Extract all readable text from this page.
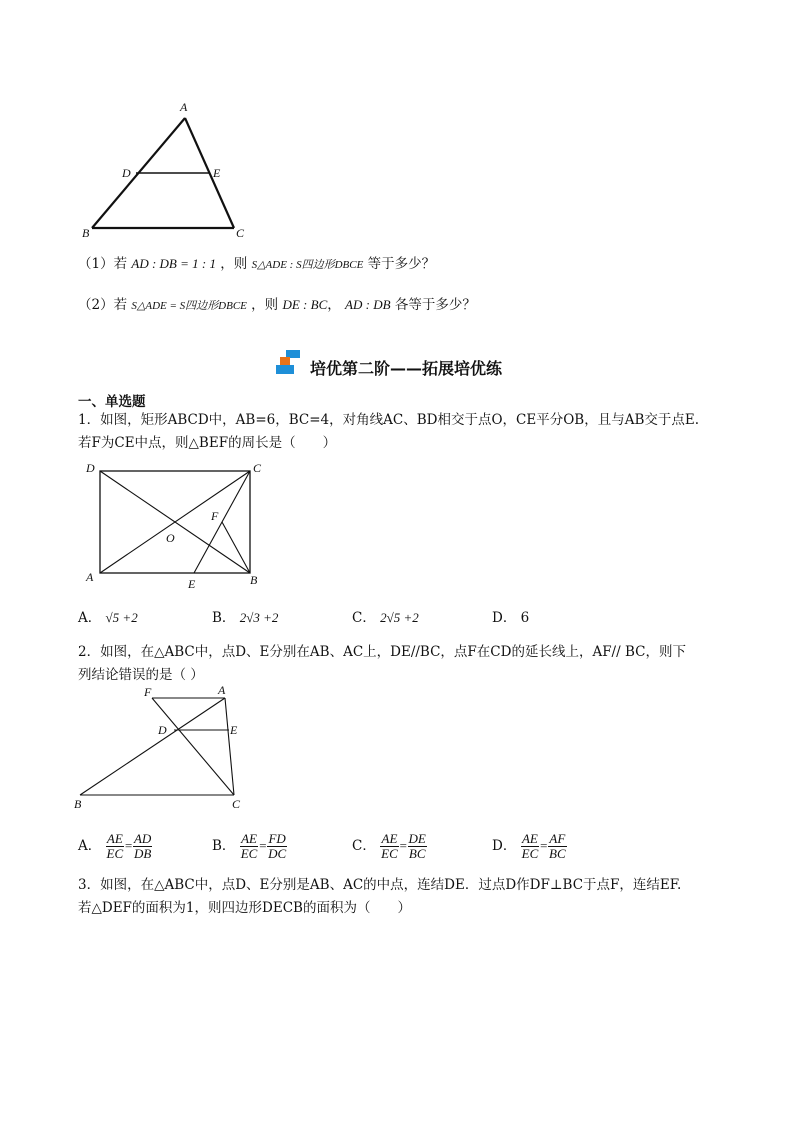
A
D	E
B	C
（1）若 AD : DB = 1 : 1 ，则 S△ADE : S四边形DBCE 等于多少？
（2）若 S△ADE = S四边形DBCE ，则 DE : BC， AD : DB 各等于多少？
培优第二阶——拓展培优练
一、单选题
1．如图，矩形ABCD中，AB=6，BC=4，对角线AC、BD相交于点O，CE平分OB，且与AB交于点E.
若F为CE中点，则△BEF的周长是（　　）
D	C
A	B
E
F
O
A． √5 +2	B． 2√3 +2	C． 2√5 +2	D． 6
2．如图，在△ABC中，点D、E分别在AB、AC上，DE//BC，点F在CD的延长线上，AF// BC，则下
列结论错误的是（ ）
F	A
D	E
B	C
A． $\frac{AE}{EC} = \frac{AD}{DB}$	B． $\frac{AE}{EC} = \frac{FD}{DC}$	C． $\frac{AE}{EC} = \frac{DE}{BC}$	D． $\frac{AE}{EC} = \frac{AF}{BC}$
3．如图，在△ABC中，点D、E分别是AB、AC的中点，连结DE．过点D作DF⊥BC于点F，连结EF.
若△DEF的面积为1，则四边形DECB的面积为（　　）
